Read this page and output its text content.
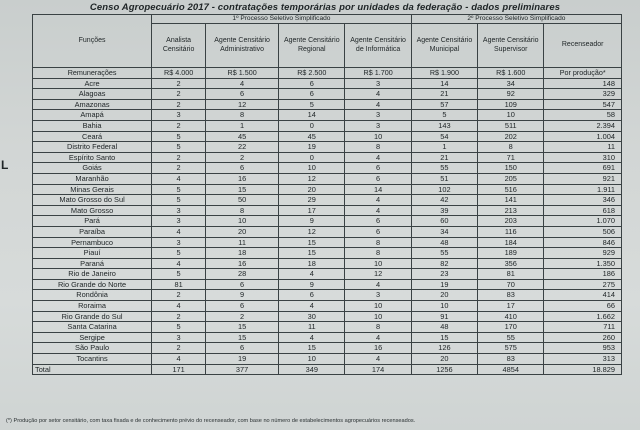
Censo Agropecuário 2017 - contratações temporárias por unidades da federação - dados preliminares
L
Funções	1º Processo Seletivo Simplificado				2º Processo Seletivo Simplificado		
	Analista Censitário	Agente Censitário Administrativo	Agente Censitário Regional	Agente Censitário de Informática	Agente Censitário Municipal	Agente Censitário Supervisor	Recenseador
Remunerações	R$ 4.000	R$ 1.500	R$ 2.500	R$ 1.700	R$ 1.900	R$ 1.600	Por produção*
Acre	2	4	6	3	14	34	148
Alagoas	2	6	6	4	21	92	329
Amazonas	2	12	5	4	57	109	547
Amapá	3	8	14	3	5	10	58
Bahia	2	1	0	3	143	511	2.394
Ceará	5	45	45	10	54	202	1.004
Distrito Federal	5	22	19	8	1	8	11
Espírito Santo	2	2	0	4	21	71	310
Goiás	2	6	10	6	55	150	691
Maranhão	4	16	12	6	51	205	921
Minas Gerais	5	15	20	14	102	516	1.911
Mato Grosso do Sul	5	50	29	4	42	141	346
Mato Grosso	3	8	17	4	39	213	618
Pará	3	10	9	6	60	203	1.070
Paraíba	4	20	12	6	34	116	506
Pernambuco	3	11	15	8	48	184	846
Piauí	5	18	15	8	55	189	929
Paraná	4	16	18	10	82	356	1.350
Rio de Janeiro	5	28	4	12	23	81	186
Rio Grande do Norte	81	6	9	4	19	70	275
Rondônia	2	9	6	3	20	83	414
Roraima	4	6	4	10	10	17	66
Rio Grande do Sul	2	2	30	10	91	410	1.662
Santa Catarina	5	15	11	8	48	170	711
Sergipe	3	15	4	4	15	55	260
São Paulo	2	6	15	16	126	575	953
Tocantins	4	19	10	4	20	83	313
Total	171	377	349	174	1256	4854	18.829
(*) Produção por setor censitário, com taxa fixada e de conhecimento prévio do recenseador, com base no número de estabelecimentos agropecuários recenseados.
